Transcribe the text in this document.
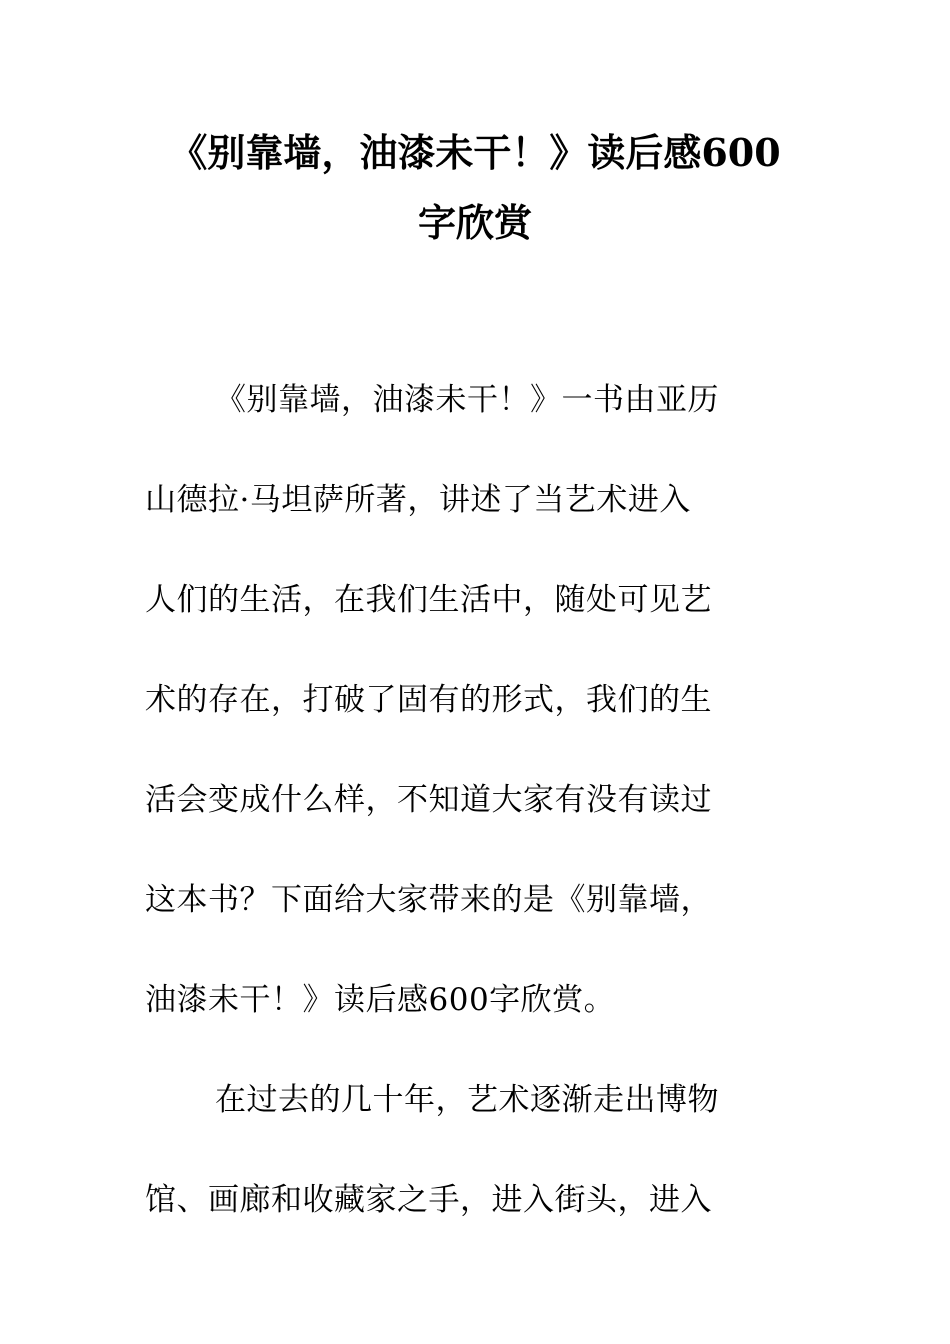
《别靠墙，油漆未干！》读后感600
字欣赏
《别靠墙，油漆未干！》一书由亚历
山德拉·马坦萨所著，讲述了当艺术进入
人们的生活，在我们生活中，随处可见艺
术的存在，打破了固有的形式，我们的生
活会变成什么样，不知道大家有没有读过
这本书？下面给大家带来的是《别靠墙，
油漆未干！》读后感600字欣赏。
在过去的几十年，艺术逐渐走出博物
馆、画廊和收藏家之手，进入街头，进入
